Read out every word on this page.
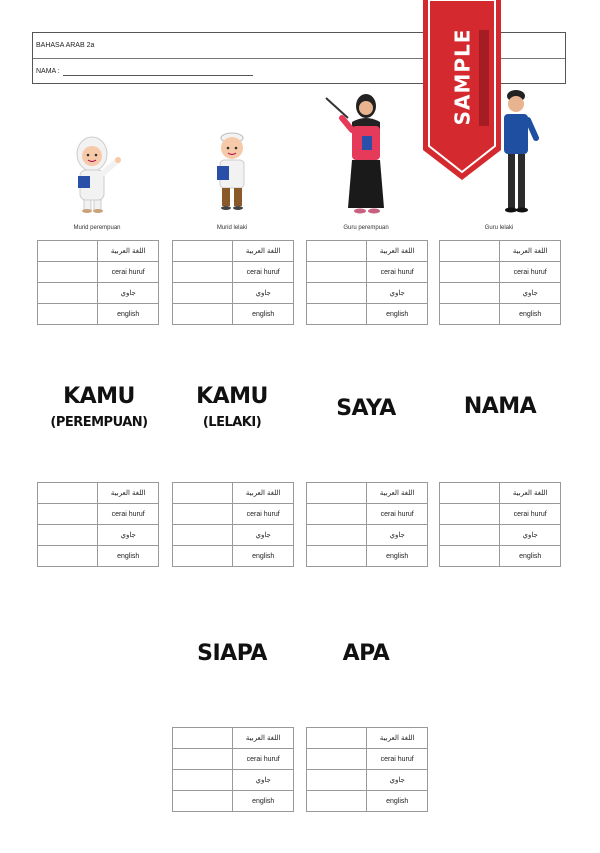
BAHASA ARAB 2a
NAMA :
Murid perempuan	Murid lelaki	Guru perempuan	Guru lelaki
SAMPLE
KAMU
(PEREMPUAN)
KAMU
(LELAKI)
SAYA	NAMA
SIAPA	APA
	اللغة العربية
	cerai huruf
	جاوي
	english
	اللغة العربية
	cerai huruf
	جاوي
	english
	اللغة العربية
	cerai huruf
	جاوي
	english
	اللغة العربية
	cerai huruf
	جاوي
	english
	اللغة العربية
	cerai huruf
	جاوي
	english
	اللغة العربية
	cerai huruf
	جاوي
	english
	اللغة العربية
	cerai huruf
	جاوي
	english
	اللغة العربية
	cerai huruf
	جاوي
	english
	اللغة العربية
	cerai huruf
	جاوي
	english
	اللغة العربية
	cerai huruf
	جاوي
	english
